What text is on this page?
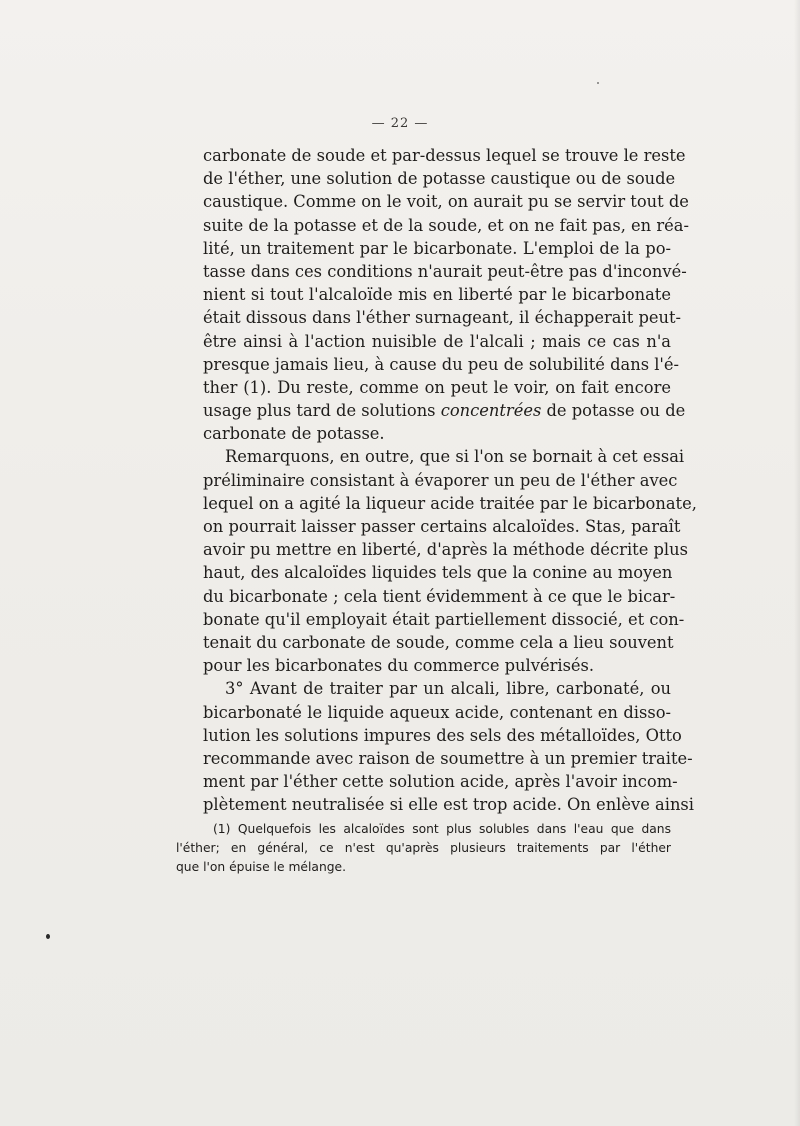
— 22 —
carbonate de soude et par-dessus lequel se trouve le reste
de l'éther, une solution de potasse caustique ou de soude
caustique. Comme on le voit, on aurait pu se servir tout de
suite de la potasse et de la soude, et on ne fait pas, en réa-
lité, un traitement par le bicarbonate. L'emploi de la po-
tasse dans ces conditions n'aurait peut-être pas d'inconvé-
nient si tout l'alcaloïde mis en liberté par le bicarbonate
était dissous dans l'éther surnageant, il échapperait peut-
être ainsi à l'action nuisible de l'alcali ; mais ce cas n'a
presque jamais lieu, à cause du peu de solubilité dans l'é-
ther (1). Du reste, comme on peut le voir, on fait encore
usage plus tard de solutions concentrées de potasse ou de
carbonate de potasse.
Remarquons, en outre, que si l'on se bornait à cet essai
préliminaire consistant à évaporer un peu de l'éther avec
lequel on a agité la liqueur acide traitée par le bicarbonate,
on pourrait laisser passer certains alcaloïdes. Stas, paraît
avoir pu mettre en liberté, d'après la méthode décrite plus
haut, des alcaloïdes liquides tels que la conine au moyen
du bicarbonate ; cela tient évidemment à ce que le bicar-
bonate qu'il employait était partiellement dissocié, et con-
tenait du carbonate de soude, comme cela a lieu souvent
pour les bicarbonates du commerce pulvérisés.
3° Avant de traiter par un alcali, libre, carbonaté, ou
bicarbonaté le liquide aqueux acide, contenant en disso-
lution les solutions impures des sels des métalloïdes, Otto
recommande avec raison de soumettre à un premier traite-
ment par l'éther cette solution acide, après l'avoir incom-
plètement neutralisée si elle est trop acide. On enlève ainsi
(1) Quelquefois les alcaloïdes sont plus solubles dans l'eau que dans
l'éther; en général, ce n'est qu'après plusieurs traitements par l'éther
que l'on épuise le mélange.
